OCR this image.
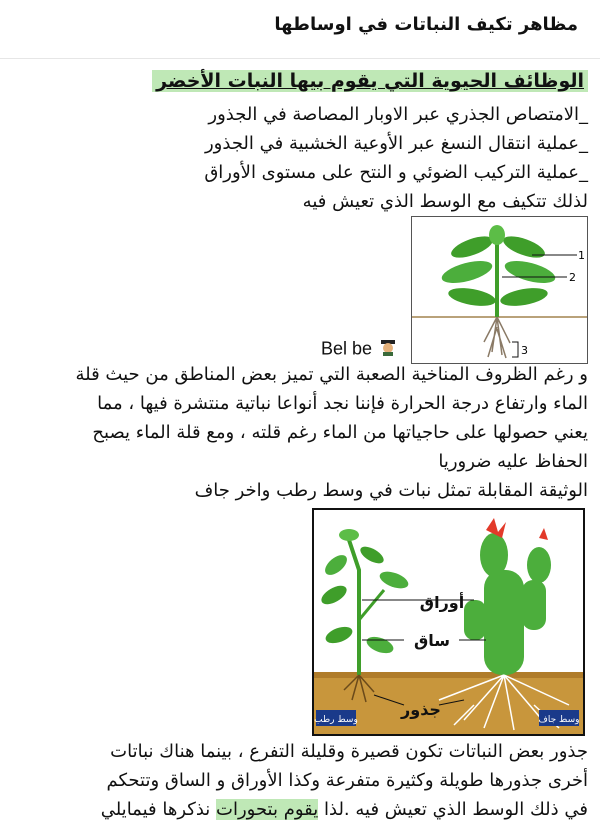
مظاهر تكيف النباتات في اوساطها
الوظائف الحيوية التي يقوم بيها النبات الأخضر
_الامتصاص الجذري عبر الاوبار المصاصة في الجذور
_عملية انتقال النسغ عبر الأوعية الخشبية في الجذور
_عملية التركيب الضوئي و النتح على مستوى الأوراق
لذلك تتكيف مع الوسط الذي تعيش فيه
1
2
3
Bel be
و رغم الظروف المناخية الصعبة التي تميز بعض المناطق من حيث قلة
الماء وارتفاع درجة الحرارة فإننا نجد أنواعا نباتية منتشرة فيها ، مما
يعني حصولها على حاجياتها من الماء رغم قلته ، ومع قلة الماء يصبح
الحفاظ عليه ضروريا
الوثيقة المقابلة تمثل نبات في وسط رطب واخر جاف
أوراق
ساق
جذور
وسط رطب	وسط جاف
جذور بعض النباتات تكون قصيرة وقليلة التفرع ، بينما هناك نباتات
أخرى جذورها طويلة وكثيرة متفرعة وكذا الأوراق و الساق وتتحكم
في ذلك الوسط الذي تعيش فيه .لذا يقوم بتحورات نذكرها فيمايلي
